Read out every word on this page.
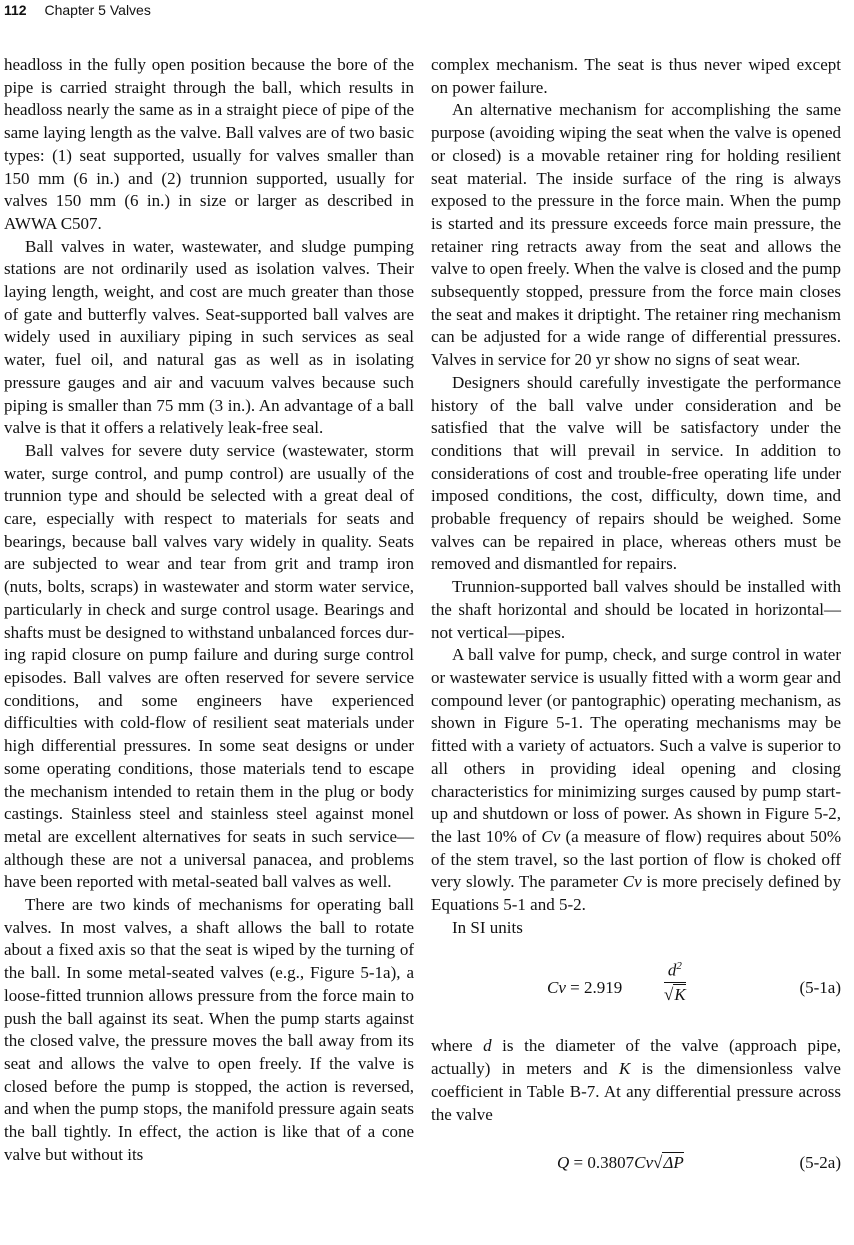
112 Chapter 5 Valves

headloss in the fully open position because the bore of the pipe is carried straight through the ball, which results in headloss nearly the same as in a straight piece of pipe of the same laying length as the valve. Ball valves are of two basic types: (1) seat supported, usually for valves smaller than 150 mm (6 in.) and (2) trunnion supported, usually for valves 150 mm (6 in.) in size or larger as described in AWWA C507.

Ball valves in water, wastewater, and sludge pumping stations are not ordinarily used as isolation valves. Their laying length, weight, and cost are much greater than those of gate and butterfly valves. Seat-supported ball valves are widely used in auxiliary piping in such services as seal water, fuel oil, and natural gas as well as in isolating pressure gauges and air and vacuum valves because such piping is smaller than 75 mm (3 in.). An advantage of a ball valve is that it offers a relatively leak-free seal.

Ball valves for severe duty service (wastewater, storm water, surge control, and pump control) are usually of the trunnion type and should be selected with a great deal of care, especially with respect to materials for seats and bearings, because ball valves vary widely in quality. Seats are subjected to wear and tear from grit and tramp iron (nuts, bolts, scraps) in wastewater and storm water service, particularly in check and surge control usage. Bearings and shafts must be designed to withstand unbalanced forces during rapid closure on pump failure and during surge control episodes. Ball valves are often reserved for severe service conditions, and some engineers have experienced difficulties with cold-flow of resilient seat materials under high differential pressures. In some seat designs or under some operating conditions, those materials tend to escape the mechanism intended to retain them in the plug or body castings. Stainless steel and stainless steel against monel metal are excellent alternatives for seats in such service— although these are not a universal panacea, and problems have been reported with metal-seated ball valves as well.

There are two kinds of mechanisms for operating ball valves. In most valves, a shaft allows the ball to rotate about a fixed axis so that the seat is wiped by the turning of the ball. In some metal-seated valves (e.g., Figure 5-1a), a loose-fitted trunnion allows pressure from the force main to push the ball against its seat. When the pump starts against the closed valve, the pressure moves the ball away from its seat and allows the valve to open freely. If the valve is closed before the pump is stopped, the action is reversed, and when the pump stops, the manifold pressure again seats the ball tightly. In effect, the action is like that of a cone valve but without its

complex mechanism. The seat is thus never wiped except on power failure.

An alternative mechanism for accomplishing the same purpose (avoiding wiping the seat when the valve is opened or closed) is a movable retainer ring for holding resilient seat material. The inside surface of the ring is always exposed to the pressure in the force main. When the pump is started and its pressure exceeds force main pressure, the retainer ring retracts away from the seat and allows the valve to open freely. When the valve is closed and the pump subsequently stopped, pressure from the force main closes the seat and makes it driptight. The retainer ring mechanism can be adjusted for a wide range of differential pressures. Valves in service for 20 yr show no signs of seat wear.

Designers should carefully investigate the performance history of the ball valve under consideration and be satisfied that the valve will be satisfactory under the conditions that will prevail in service. In addition to considerations of cost and trouble-free operating life under imposed conditions, the cost, difficulty, down time, and probable frequency of repairs should be weighed. Some valves can be repaired in place, whereas others must be removed and dismantled for repairs.

Trunnion-supported ball valves should be installed with the shaft horizontal and should be located in horizontal—not vertical—pipes.

A ball valve for pump, check, and surge control in water or wastewater service is usually fitted with a worm gear and compound lever (or pantographic) operating mechanism, as shown in Figure 5-1. The operating mechanisms may be fitted with a variety of actuators. Such a valve is superior to all others in providing ideal opening and closing characteristics for minimizing surges caused by pump start-up and shutdown or loss of power. As shown in Figure 5-2, the last 10% of Cv (a measure of flow) requires about 50% of the stem travel, so the last portion of flow is choked off very slowly. The parameter Cv is more precisely defined by Equations 5-1 and 5-2.

In SI units

$Cv = 2.919 \frac{d^2}{√K}$	(5-1a)

where d is the diameter of the valve (approach pipe, actually) in meters and K is the dimensionless valve coefficient in Table B-7. At any differential pressure across the valve

Q = 0.3807Cv√ΔP	(5-2a)
